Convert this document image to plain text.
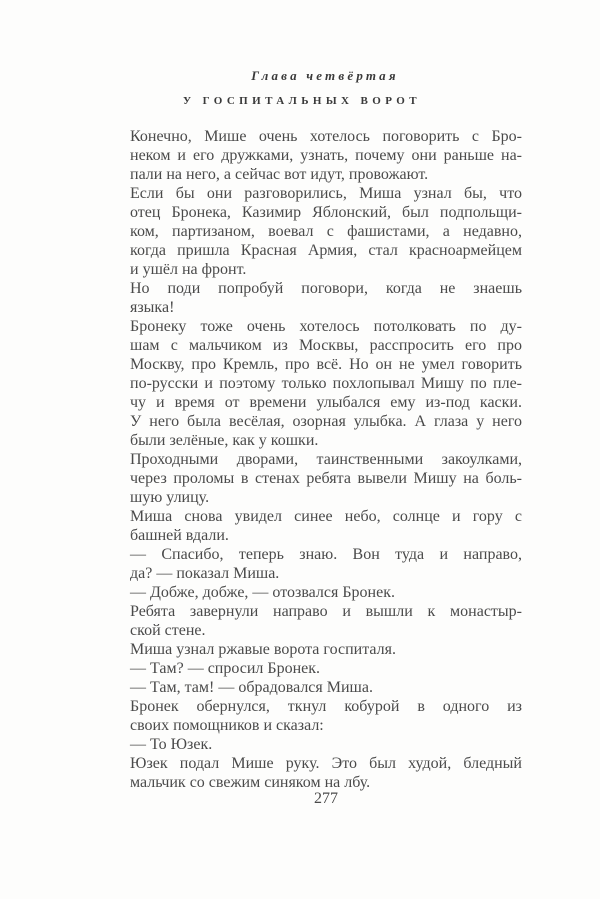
Глава четвёртая
У ГОСПИТАЛЬНЫХ ВОРОТ
Конечно, Мише очень хотелось поговорить с Бро-
неком и его дружками, узнать, почему они раньше на-
пали на него, а сейчас вот идут, провожают.
Если бы они разговорились, Миша узнал бы, что
отец Бронека, Казимир Яблонский, был подпольщи-
ком, партизаном, воевал с фашистами, а недавно,
когда пришла Красная Армия, стал красноармейцем
и ушёл на фронт.
Но поди попробуй поговори, когда не знаешь
языка!
Бронеку тоже очень хотелось потолковать по ду-
шам с мальчиком из Москвы, расспросить его про
Москву, про Кремль, про всё. Но он не умел говорить
по-русски и поэтому только похлопывал Мишу по пле-
чу и время от времени улыбался ему из-под каски.
У него была весёлая, озорная улыбка. А глаза у него
были зелёные, как у кошки.
Проходными дворами, таинственными закоулками,
через проломы в стенах ребята вывели Мишу на боль-
шую улицу.
Миша снова увидел синее небо, солнце и гору с
башней вдали.
— Спасибо, теперь знаю. Вон туда и направо,
да? — показал Миша.
— Добже, добже, — отозвался Бронек.
Ребята завернули направо и вышли к монастыр-
ской стене.
Миша узнал ржавые ворота госпиталя.
— Там? — спросил Бронек.
— Там, там! — обрадовался Миша.
Бронек обернулся, ткнул кобурой в одного из
своих помощников и сказал:
— То Юзек.
Юзек подал Мише руку. Это был худой, бледный
мальчик со свежим синяком на лбу.
277
